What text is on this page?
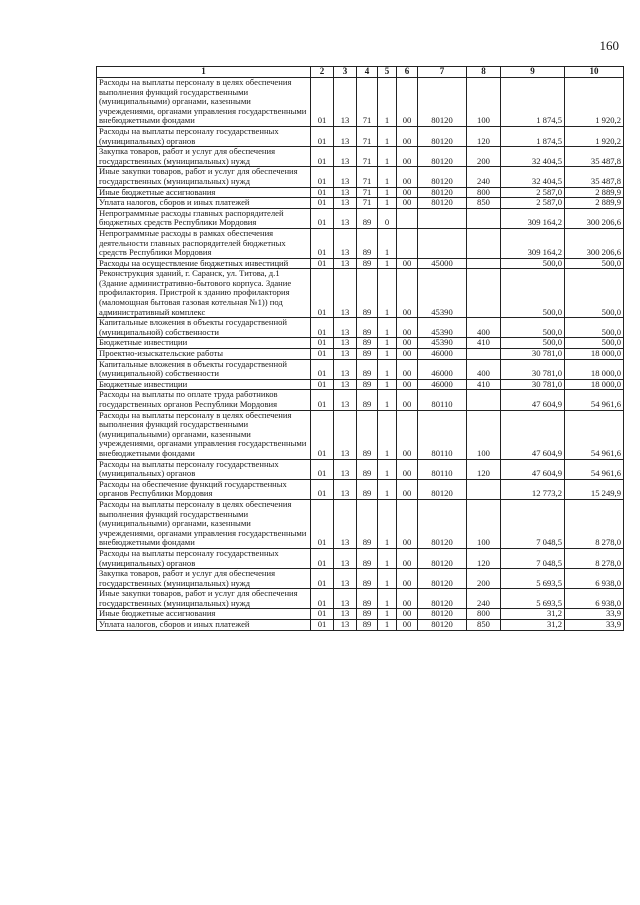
160
1	2	3	4	5	6	7	8	9	10
Расходы на выплаты персоналу в целях обеспечения выполнения функций государственными (муниципальными) органами, казенными учреждениями, органами управления государственными внебюджетными фондами	01	13	71	1	00	80120	100	1 874,5	1 920,2
Расходы на выплаты персоналу государственных (муниципальных) органов	01	13	71	1	00	80120	120	1 874,5	1 920,2
Закупка товаров, работ и услуг для обеспечения государственных (муниципальных) нужд	01	13	71	1	00	80120	200	32 404,5	35 487,8
Иные закупки товаров, работ и услуг для обеспечения государственных (муниципальных) нужд	01	13	71	1	00	80120	240	32 404,5	35 487,8
Иные бюджетные ассигнования	01	13	71	1	00	80120	800	2 587,0	2 889,9
Уплата налогов, сборов и иных платежей	01	13	71	1	00	80120	850	2 587,0	2 889,9
Непрограммные расходы главных распорядителей бюджетных средств Республики Мордовия	01	13	89	0				309 164,2	300 206,6
Непрограммные расходы в рамках обеспечения деятельности главных распорядителей бюджетных средств Республики Мордовия	01	13	89	1				309 164,2	300 206,6
Расходы на осуществление бюджетных инвестиций	01	13	89	1	00	45000		500,0	500,0
Реконструкция зданий, г. Саранск, ул. Титова, д.1 (Здание административно-бытового корпуса. Здание профилактория. Пристрой к зданию профилактория (маломощная бытовая газовая котельная №1)) под административный комплекс	01	13	89	1	00	45390		500,0	500,0
Капитальные вложения в объекты государственной (муниципальной) собственности	01	13	89	1	00	45390	400	500,0	500,0
Бюджетные инвестиции	01	13	89	1	00	45390	410	500,0	500,0
Проектно-изыскательские работы	01	13	89	1	00	46000		30 781,0	18 000,0
Капитальные вложения в объекты государственной (муниципальной) собственности	01	13	89	1	00	46000	400	30 781,0	18 000,0
Бюджетные инвестиции	01	13	89	1	00	46000	410	30 781,0	18 000,0
Расходы на выплаты по оплате труда работников государственных органов Республики Мордовия	01	13	89	1	00	80110		47 604,9	54 961,6
Расходы на выплаты персоналу в целях обеспечения выполнения функций государственными (муниципальными) органами, казенными учреждениями, органами управления государственными внебюджетными фондами	01	13	89	1	00	80110	100	47 604,9	54 961,6
Расходы на выплаты персоналу государственных (муниципальных) органов	01	13	89	1	00	80110	120	47 604,9	54 961,6
Расходы на обеспечение функций государственных органов Республики Мордовия	01	13	89	1	00	80120		12 773,2	15 249,9
Расходы на выплаты персоналу в целях обеспечения выполнения функций государственными (муниципальными) органами, казенными учреждениями, органами управления государственными внебюджетными фондами	01	13	89	1	00	80120	100	7 048,5	8 278,0
Расходы на выплаты персоналу государственных (муниципальных) органов	01	13	89	1	00	80120	120	7 048,5	8 278,0
Закупка товаров, работ и услуг для обеспечения государственных (муниципальных) нужд	01	13	89	1	00	80120	200	5 693,5	6 938,0
Иные закупки товаров, работ и услуг для обеспечения государственных (муниципальных) нужд	01	13	89	1	00	80120	240	5 693,5	6 938,0
Иные бюджетные ассигнования	01	13	89	1	00	80120	800	31,2	33,9
Уплата налогов, сборов и иных платежей	01	13	89	1	00	80120	850	31,2	33,9
